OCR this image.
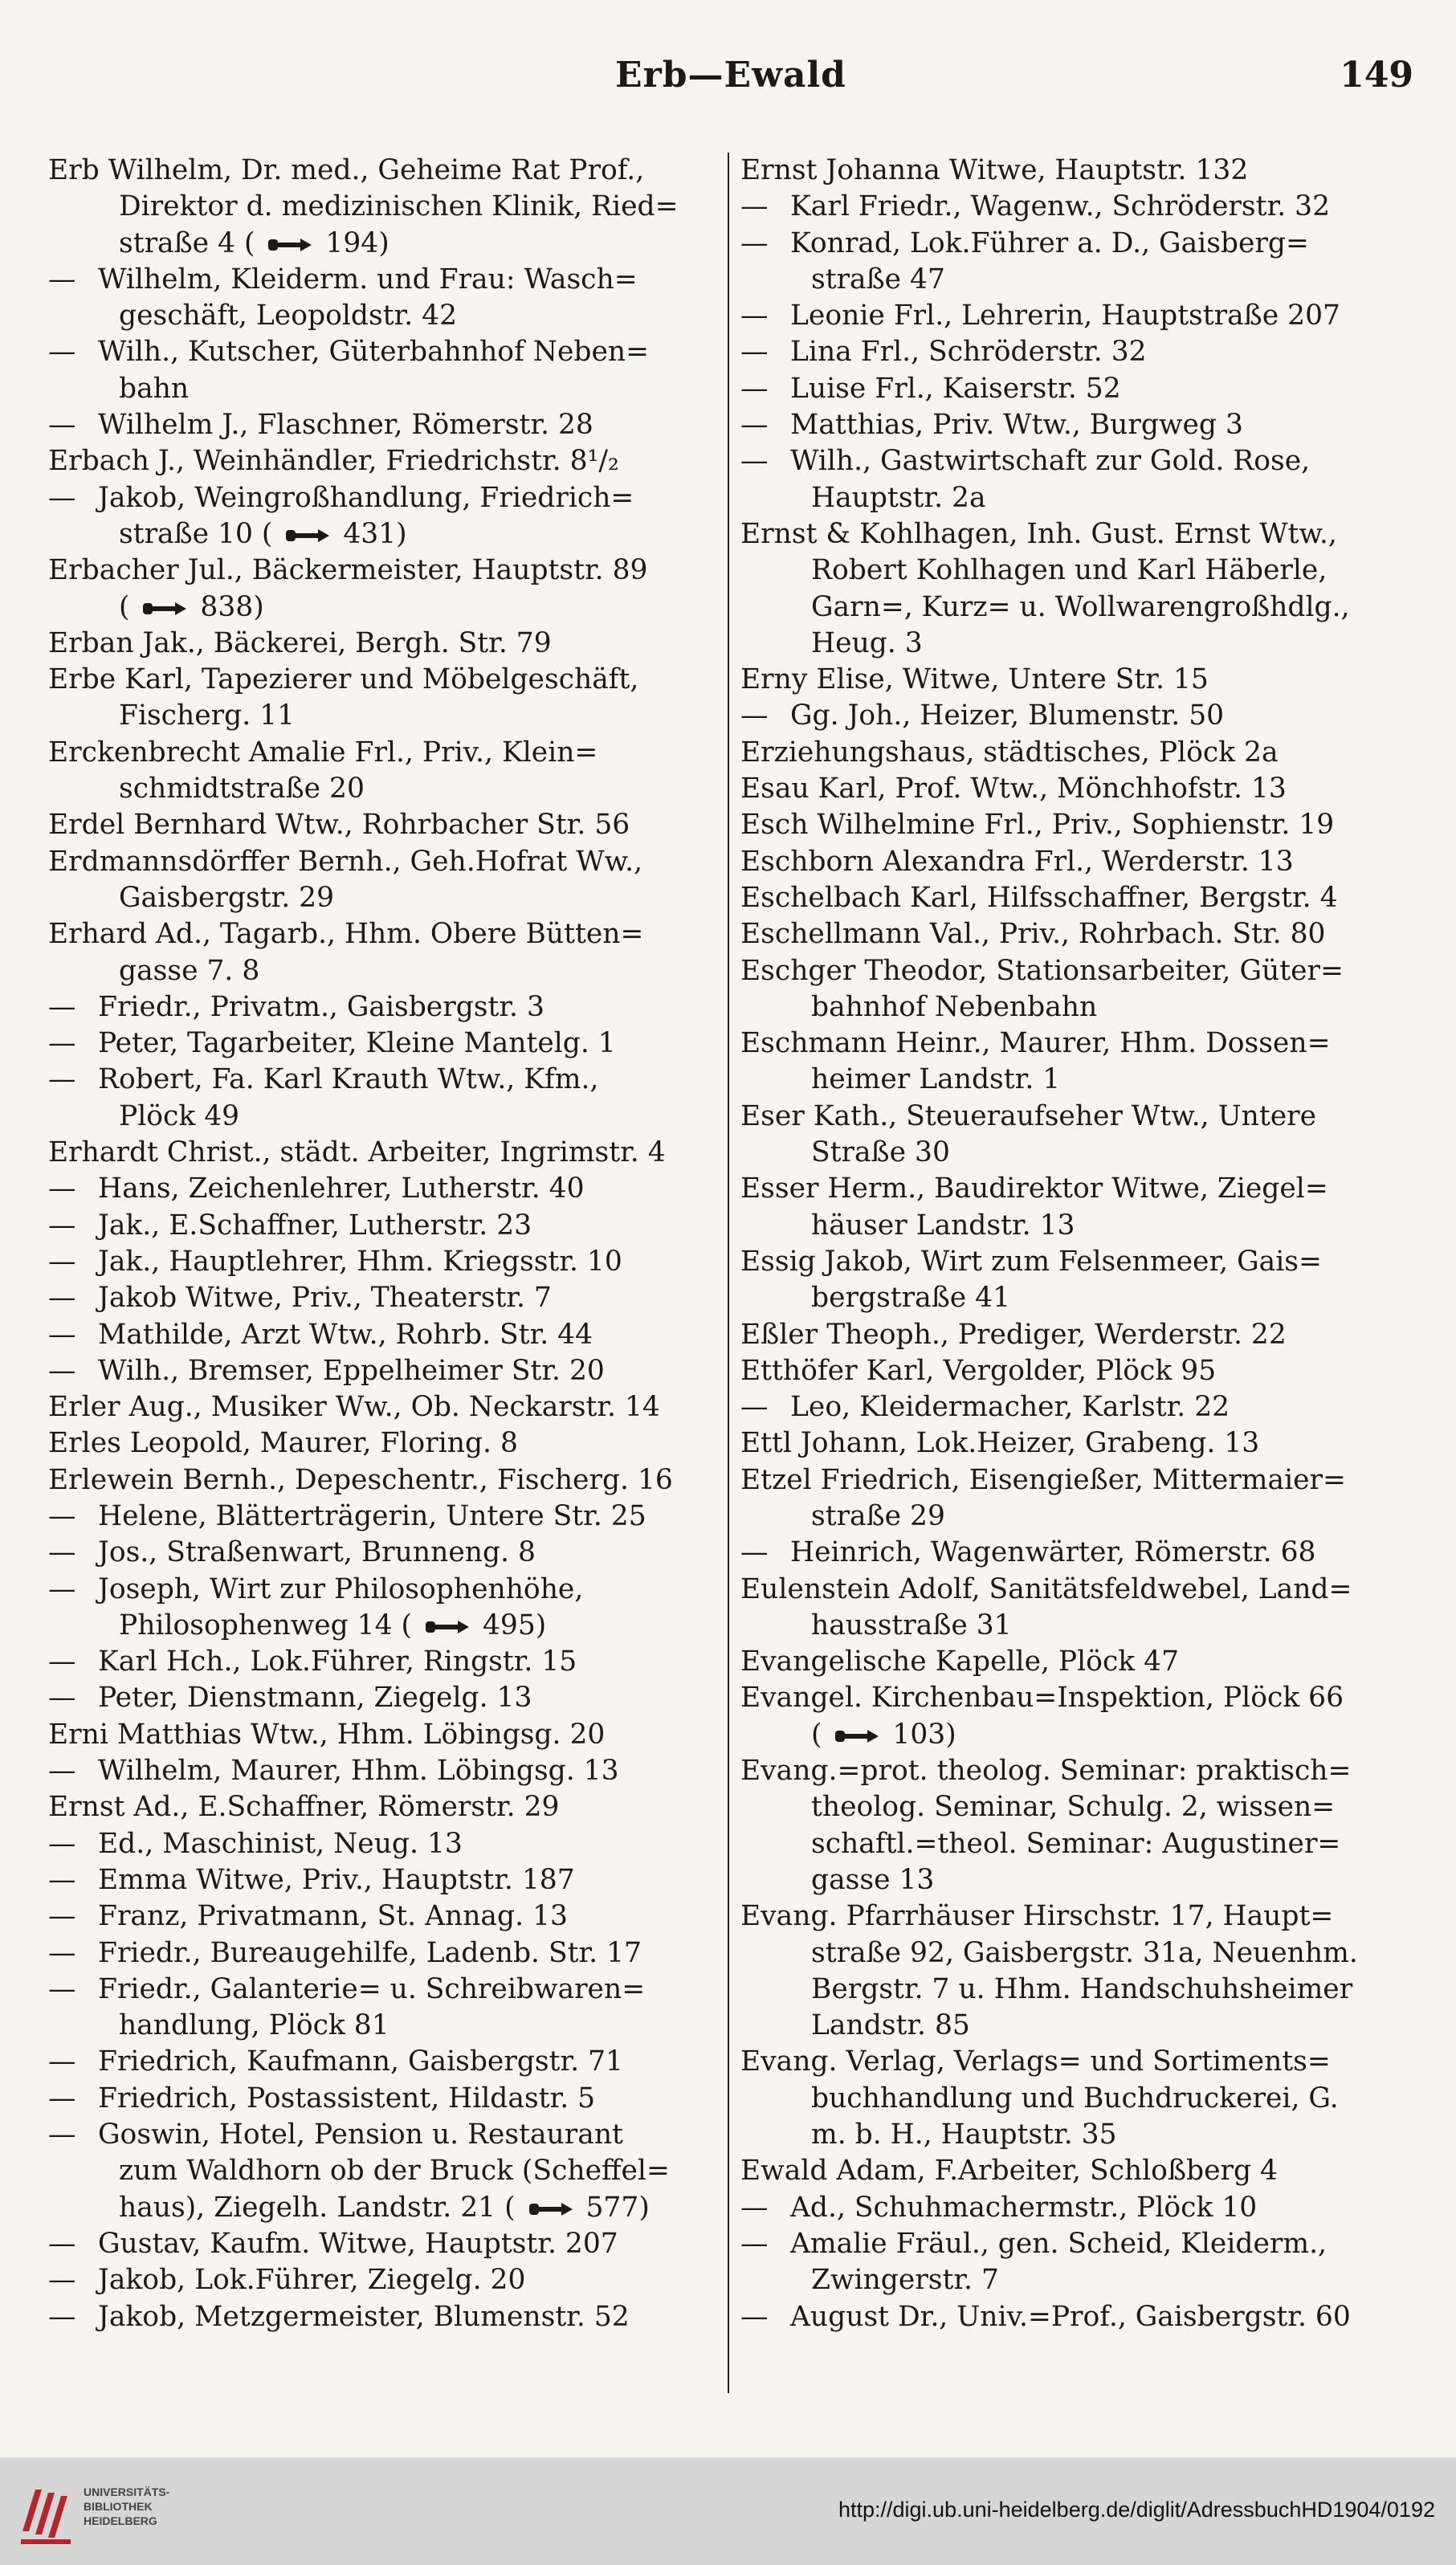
Erb—Ewald	149
Erb Wilhelm, Dr. med., Geheime Rat Prof.,
Direktor d. medizinischen Klinik, Ried=
straße 4 (  194)
— Wilhelm, Kleiderm. und Frau: Wasch=
geschäft, Leopoldstr. 42
— Wilh., Kutscher, Güterbahnhof Neben=
bahn
— Wilhelm J., Flaschner, Römerstr. 28
Erbach J., Weinhändler, Friedrichstr. 8¹/₂
— Jakob, Weingroßhandlung, Friedrich=
straße 10 (  431)
Erbacher Jul., Bäckermeister, Hauptstr. 89
(  838)
Erban Jak., Bäckerei, Bergh. Str. 79
Erbe Karl, Tapezierer und Möbelgeschäft,
Fischerg. 11
Erckenbrecht Amalie Frl., Priv., Klein=
schmidtstraße 20
Erdel Bernhard Wtw., Rohrbacher Str. 56
Erdmannsdörffer Bernh., Geh.Hofrat Ww.,
Gaisbergstr. 29
Erhard Ad., Tagarb., Hhm. Obere Bütten=
gasse 7. 8
— Friedr., Privatm., Gaisbergstr. 3
— Peter, Tagarbeiter, Kleine Mantelg. 1
— Robert, Fa. Karl Krauth Wtw., Kfm.,
Plöck 49
Erhardt Christ., städt. Arbeiter, Ingrimstr. 4
— Hans, Zeichenlehrer, Lutherstr. 40
— Jak., E.Schaffner, Lutherstr. 23
— Jak., Hauptlehrer, Hhm. Kriegsstr. 10
— Jakob Witwe, Priv., Theaterstr. 7
— Mathilde, Arzt Wtw., Rohrb. Str. 44
— Wilh., Bremser, Eppelheimer Str. 20
Erler Aug., Musiker Ww., Ob. Neckarstr. 14
Erles Leopold, Maurer, Floring. 8
Erlewein Bernh., Depeschentr., Fischerg. 16
— Helene, Blätterträgerin, Untere Str. 25
— Jos., Straßenwart, Brunneng. 8
— Joseph, Wirt zur Philosophenhöhe,
Philosophenweg 14 (  495)
— Karl Hch., Lok.Führer, Ringstr. 15
— Peter, Dienstmann, Ziegelg. 13
Erni Matthias Wtw., Hhm. Löbingsg. 20
— Wilhelm, Maurer, Hhm. Löbingsg. 13
Ernst Ad., E.Schaffner, Römerstr. 29
— Ed., Maschinist, Neug. 13
— Emma Witwe, Priv., Hauptstr. 187
— Franz, Privatmann, St. Annag. 13
— Friedr., Bureaugehilfe, Ladenb. Str. 17
— Friedr., Galanterie= u. Schreibwaren=
handlung, Plöck 81
— Friedrich, Kaufmann, Gaisbergstr. 71
— Friedrich, Postassistent, Hildastr. 5
— Goswin, Hotel, Pension u. Restaurant
zum Waldhorn ob der Bruck (Scheffel=
haus), Ziegelh. Landstr. 21 (  577)
— Gustav, Kaufm. Witwe, Hauptstr. 207
— Jakob, Lok.Führer, Ziegelg. 20
— Jakob, Metzgermeister, Blumenstr. 52
Ernst Johanna Witwe, Hauptstr. 132
— Karl Friedr., Wagenw., Schröderstr. 32
— Konrad, Lok.Führer a. D., Gaisberg=
straße 47
— Leonie Frl., Lehrerin, Hauptstraße 207
— Lina Frl., Schröderstr. 32
— Luise Frl., Kaiserstr. 52
— Matthias, Priv. Wtw., Burgweg 3
— Wilh., Gastwirtschaft zur Gold. Rose,
Hauptstr. 2a
Ernst & Kohlhagen, Inh. Gust. Ernst Wtw.,
Robert Kohlhagen und Karl Häberle,
Garn=, Kurz= u. Wollwarengroßhdlg.,
Heug. 3
Erny Elise, Witwe, Untere Str. 15
— Gg. Joh., Heizer, Blumenstr. 50
Erziehungshaus, städtisches, Plöck 2a
Esau Karl, Prof. Wtw., Mönchhofstr. 13
Esch Wilhelmine Frl., Priv., Sophienstr. 19
Eschborn Alexandra Frl., Werderstr. 13
Eschelbach Karl, Hilfsschaffner, Bergstr. 4
Eschellmann Val., Priv., Rohrbach. Str. 80
Eschger Theodor, Stationsarbeiter, Güter=
bahnhof Nebenbahn
Eschmann Heinr., Maurer, Hhm. Dossen=
heimer Landstr. 1
Eser Kath., Steueraufseher Wtw., Untere
Straße 30
Esser Herm., Baudirektor Witwe, Ziegel=
häuser Landstr. 13
Essig Jakob, Wirt zum Felsenmeer, Gais=
bergstraße 41
Eßler Theoph., Prediger, Werderstr. 22
Etthöfer Karl, Vergolder, Plöck 95
— Leo, Kleidermacher, Karlstr. 22
Ettl Johann, Lok.Heizer, Grabeng. 13
Etzel Friedrich, Eisengießer, Mittermaier=
straße 29
— Heinrich, Wagenwärter, Römerstr. 68
Eulenstein Adolf, Sanitätsfeldwebel, Land=
hausstraße 31
Evangelische Kapelle, Plöck 47
Evangel. Kirchenbau=Inspektion, Plöck 66
(  103)
Evang.=prot. theolog. Seminar: praktisch=
theolog. Seminar, Schulg. 2, wissen=
schaftl.=theol. Seminar: Augustiner=
gasse 13
Evang. Pfarrhäuser Hirschstr. 17, Haupt=
straße 92, Gaisbergstr. 31a, Neuenhm.
Bergstr. 7 u. Hhm. Handschuhsheimer
Landstr. 85
Evang. Verlag, Verlags= und Sortiments=
buchhandlung und Buchdruckerei, G.
m. b. H., Hauptstr. 35
Ewald Adam, F.Arbeiter, Schloßberg 4
— Ad., Schuhmachermstr., Plöck 10
— Amalie Fräul., gen. Scheid, Kleiderm.,
Zwingerstr. 7
— August Dr., Univ.=Prof., Gaisbergstr. 60
UNIVERSITÄTS-
BIBLIOTHEK
HEIDELBERG	http://digi.ub.uni-heidelberg.de/diglit/AdressbuchHD1904/0192
